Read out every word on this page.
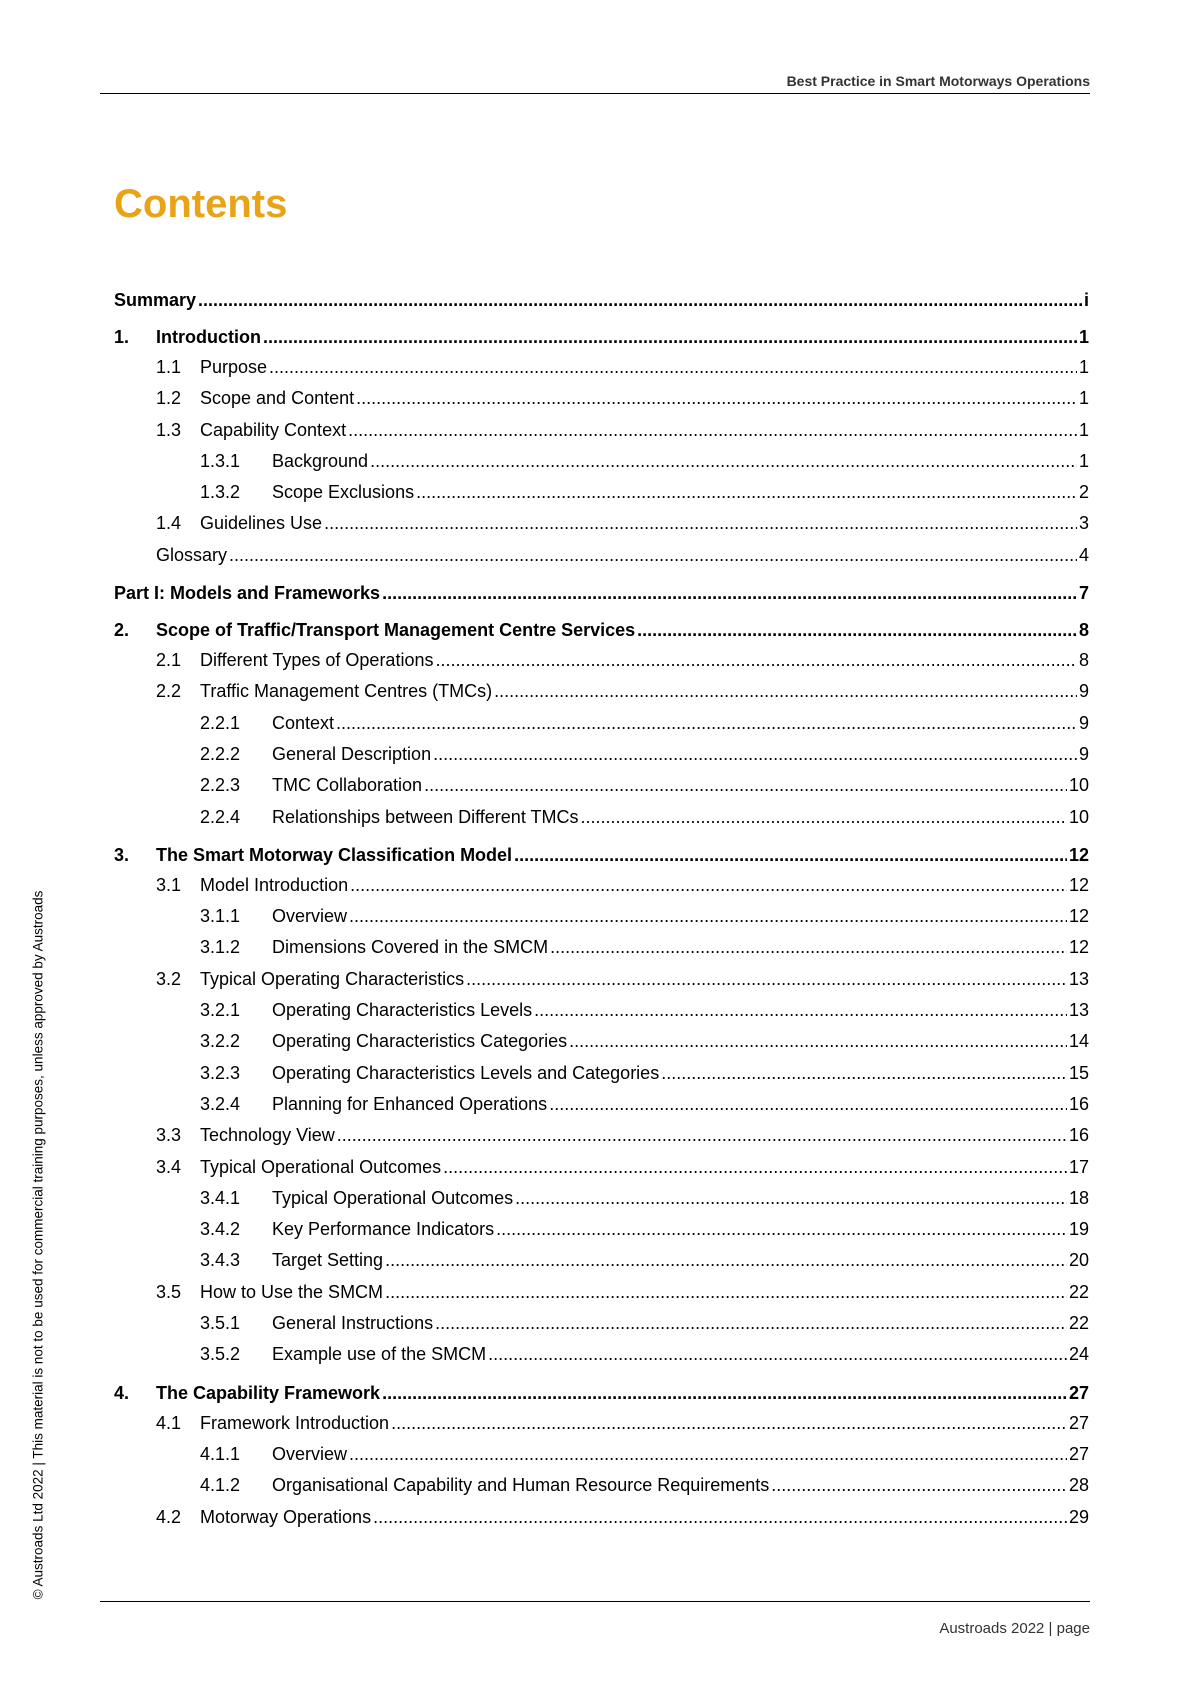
Best Practice in Smart Motorways Operations
Contents
Summary .....	i
1.	Introduction .....	1
1.1	Purpose .....	1
1.2	Scope and Content .....	1
1.3	Capability Context .....	1
1.3.1	Background .....	1
1.3.2	Scope Exclusions .....	2
1.4	Guidelines Use .....	3
Glossary .....	4
Part I: Models and Frameworks .....	7
2.	Scope of Traffic/Transport Management Centre Services .....	8
2.1	Different Types of Operations .....	8
2.2	Traffic Management Centres (TMCs) .....	9
2.2.1	Context .....	9
2.2.2	General Description .....	9
2.2.3	TMC Collaboration .....	10
2.2.4	Relationships between Different TMCs .....	10
3.	The Smart Motorway Classification Model .....	12
3.1	Model Introduction .....	12
3.1.1	Overview .....	12
3.1.2	Dimensions Covered in the SMCM .....	12
3.2	Typical Operating Characteristics .....	13
3.2.1	Operating Characteristics Levels .....	13
3.2.2	Operating Characteristics Categories .....	14
3.2.3	Operating Characteristics Levels and Categories .....	15
3.2.4	Planning for Enhanced Operations .....	16
3.3	Technology View .....	16
3.4	Typical Operational Outcomes .....	17
3.4.1	Typical Operational Outcomes .....	18
3.4.2	Key Performance Indicators .....	19
3.4.3	Target Setting .....	20
3.5	How to Use the SMCM .....	22
3.5.1	General Instructions .....	22
3.5.2	Example use of the SMCM .....	24
4.	The Capability Framework .....	27
4.1	Framework Introduction .....	27
4.1.1	Overview .....	27
4.1.2	Organisational Capability and Human Resource Requirements .....	28
4.2	Motorway Operations .....	29
Austroads 2022 | page
© Austroads Ltd 2022 | This material is not to be used for commercial training purposes, unless approved by Austroads
